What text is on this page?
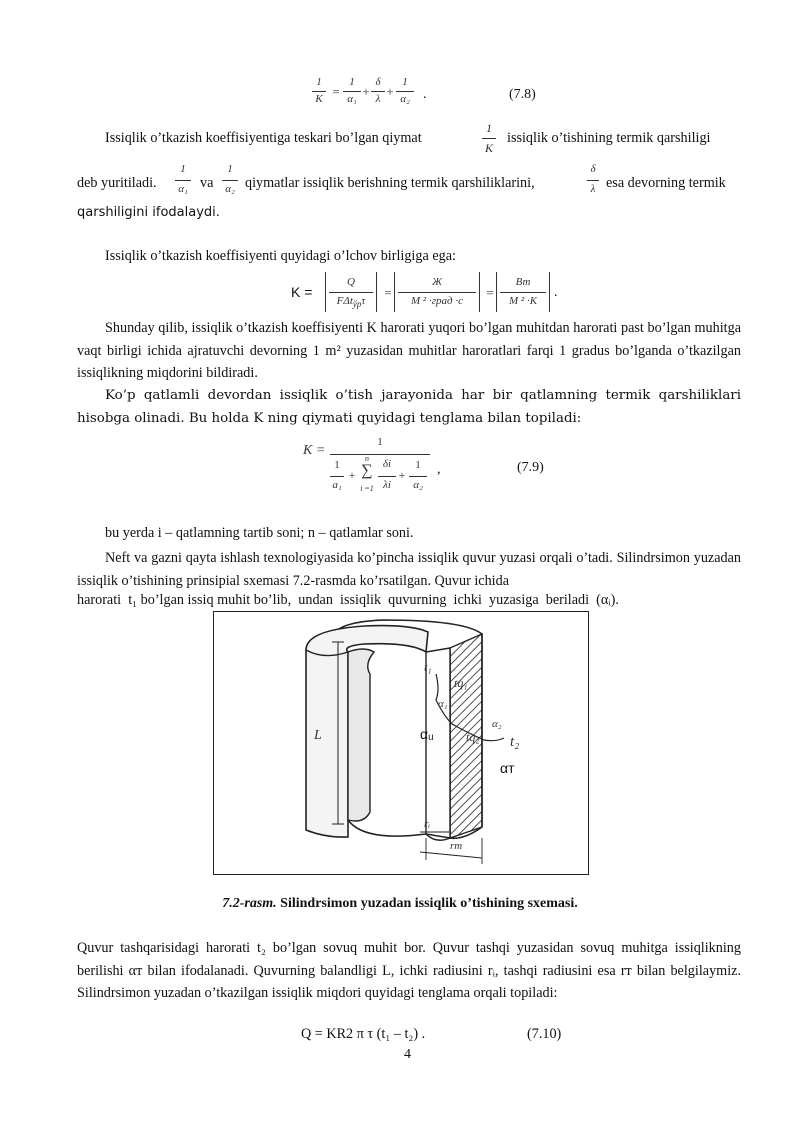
1
K =
1
α₁ +
δ
λ +
1
α₂ .	(7.8)
Issiqlik o’tkazish koeffisiyentiga teskari bo’lgan qiymat
1
K
issiqlik o’tishining termik qarshiligi
deb yuritiladi.
1
α₁ va
1
α₂ qiymatlar issiqlik berishning termik qarshiliklarini,
δ
λ esa devorning termik
qarshiligini ifodalaydi.
Issiqlik o’tkazish koeffisiyenti quyidagi o’lchov birligiga ega:
K =
Q
FΔt$_{ўр}$τ
=
Ж
М ² ·град ·с
=
Вт
М ² ·К
.
Shunday qilib, issiqlik o’tkazish koeffisiyenti K harorati yuqori bo’lgan muhitdan harorati past bo’lgan muhitga vaqt birligi ichida ajratuvchi devorning 1 m² yuzasidan muhitlar haroratlari farqi 1 gradus bo’lganda o’tkazilgan issiqlikning miqdorini bildiradi.
Ko’p qatlamli devordan issiqlik o’tish jarayonida har bir qatlamning termik qarshiliklari hisobga olinadi. Bu holda K ning qiymati quyidagi tenglama bilan topiladi:
K =
1
1
a₁
+
n
∑
i =1
δi
λi
+
1
α₂
,	(7.9)
bu yerda i – qatlamning tartib soni; n – qatlamlar soni.
Neft va gazni qayta ishlash texnologiyasida ko’pincha issiqlik quvur yuzasi orqali o’tadi. Silindrsimon yuzadan issiqlik o’tishining prinsipial sxemasi 7.2-rasmda ko’rsatilgan. Quvur ichida
harorati  t₁ bo’lgan issiq muhit bo’lib,  undan  issiqlik  quvurning  ichki  yuzasiga  beriladi  (αᵢ).
L
t₁
tq₁
α₁
α₂
tq₂ t₂
αᵤ
αт
rᵢ
rт
7.2-rasm. Silindrsimon yuzadan issiqlik o’tishining sxemasi.
Quvur tashqarisidagi harorati t₂ bo’lgan sovuq muhit bor. Quvur tashqi yuzasidan sovuq muhitga issiqlikning berilishi αт bilan ifodalanadi. Quvurning balandligi L, ichki radiusini rᵢ, tashqi radiusini esa rт bilan belgilaymiz. Silindrsimon yuzadan o’tkazilgan issiqlik miqdori quyidagi tenglama orqali topiladi:
Q = KR2 π τ (t₁ – t₂) .	(7.10)
4
